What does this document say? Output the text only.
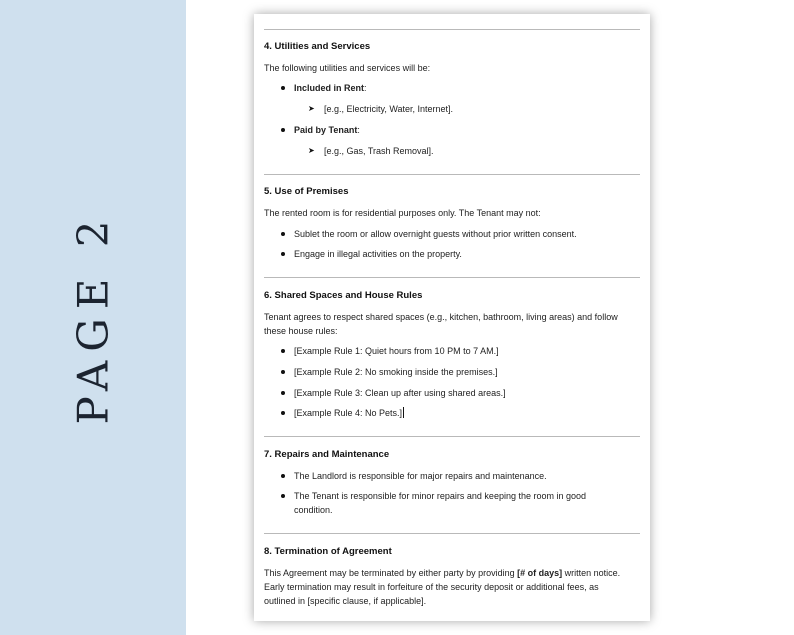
PAGE 2
4. Utilities and Services
The following utilities and services will be:
Included in Rent:
➤ [e.g., Electricity, Water, Internet].
Paid by Tenant:
➤ [e.g., Gas, Trash Removal].
5. Use of Premises
The rented room is for residential purposes only. The Tenant may not:
Sublet the room or allow overnight guests without prior written consent.
Engage in illegal activities on the property.
6. Shared Spaces and House Rules
Tenant agrees to respect shared spaces (e.g., kitchen, bathroom, living areas) and follow these house rules:
[Example Rule 1: Quiet hours from 10 PM to 7 AM.]
[Example Rule 2: No smoking inside the premises.]
[Example Rule 3: Clean up after using shared areas.]
[Example Rule 4: No Pets.]
7. Repairs and Maintenance
The Landlord is responsible for major repairs and maintenance.
The Tenant is responsible for minor repairs and keeping the room in good condition.
8. Termination of Agreement
This Agreement may be terminated by either party by providing [# of days] written notice. Early termination may result in forfeiture of the security deposit or additional fees, as outlined in [specific clause, if applicable].
